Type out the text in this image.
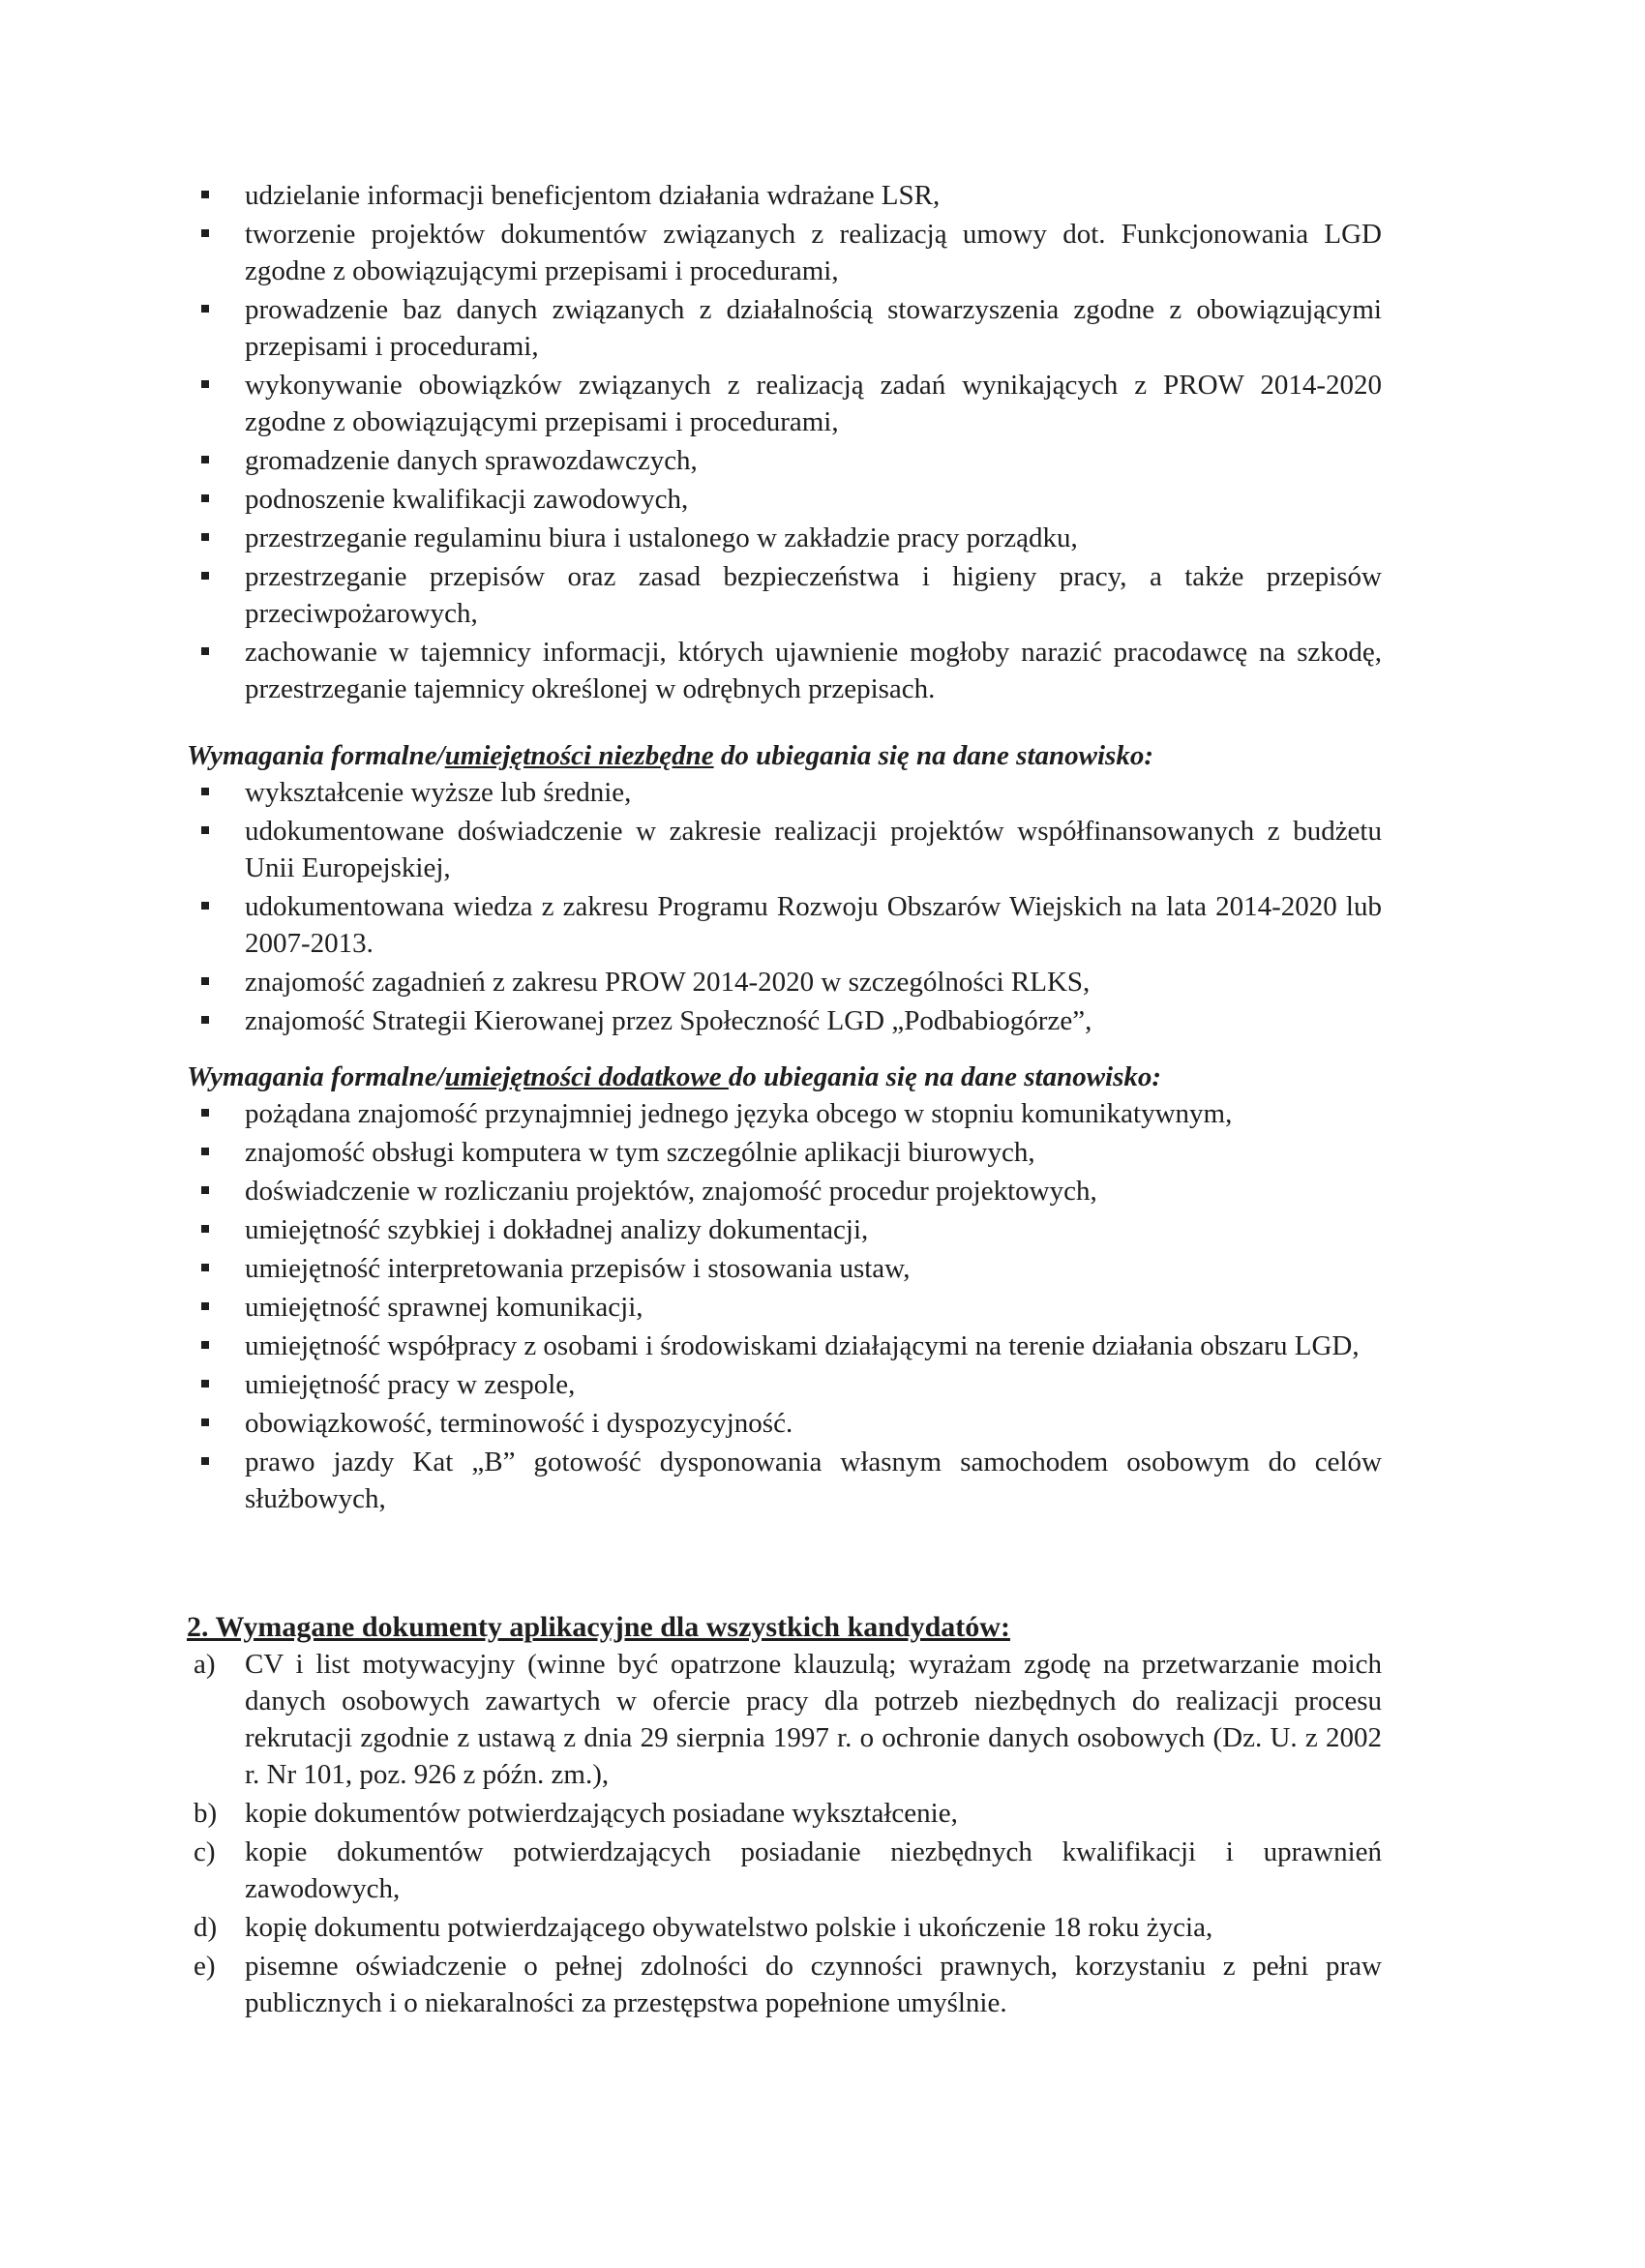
udzielanie informacji beneficjentom działania wdrażane LSR,
tworzenie projektów dokumentów związanych z realizacją umowy dot. Funkcjonowania LGD zgodne z obowiązującymi przepisami i procedurami,
prowadzenie baz danych związanych z działalnością stowarzyszenia zgodne z obowiązującymi przepisami i procedurami,
wykonywanie obowiązków związanych z realizacją zadań wynikających z PROW 2014-2020 zgodne z obowiązującymi przepisami i procedurami,
gromadzenie danych sprawozdawczych,
podnoszenie kwalifikacji zawodowych,
przestrzeganie regulaminu biura i ustalonego w zakładzie pracy porządku,
przestrzeganie przepisów oraz zasad bezpieczeństwa i higieny pracy, a także przepisów przeciwpożarowych,
zachowanie w tajemnicy informacji, których ujawnienie mogłoby narazić pracodawcę na szkodę, przestrzeganie tajemnicy określonej w odrębnych przepisach.
Wymagania formalne/umiejętności niezbędne do ubiegania się na dane stanowisko:
wykształcenie wyższe lub średnie,
udokumentowane doświadczenie w zakresie realizacji projektów współfinansowanych z budżetu Unii Europejskiej,
udokumentowana wiedza z zakresu Programu Rozwoju Obszarów Wiejskich na lata 2014-2020 lub 2007-2013.
znajomość zagadnień z zakresu PROW 2014-2020 w szczególności RLKS,
znajomość Strategii Kierowanej przez Społeczność LGD „Podbabiogórze”,
Wymagania formalne/umiejętności dodatkowe do ubiegania się na dane stanowisko:
pożądana znajomość przynajmniej jednego języka obcego w stopniu komunikatywnym,
znajomość obsługi komputera w tym szczególnie aplikacji biurowych,
doświadczenie w rozliczaniu projektów, znajomość procedur projektowych,
umiejętność szybkiej i dokładnej analizy dokumentacji,
umiejętność interpretowania przepisów i stosowania ustaw,
umiejętność sprawnej komunikacji,
umiejętność współpracy z osobami i środowiskami działającymi na terenie działania obszaru LGD,
umiejętność pracy w zespole,
obowiązkowość, terminowość i dyspozycyjność.
prawo jazdy Kat „B” gotowość dysponowania własnym samochodem osobowym do celów służbowych,
2. Wymagane dokumenty aplikacyjne dla wszystkich kandydatów:
a) CV i list motywacyjny (winne być opatrzone klauzulą; wyrażam zgodę na przetwarzanie moich danych osobowych zawartych w ofercie pracy dla potrzeb niezbędnych do realizacji procesu rekrutacji zgodnie z ustawą z dnia 29 sierpnia 1997 r. o ochronie danych osobowych (Dz. U. z 2002 r. Nr 101, poz. 926 z późn. zm.),
b) kopie dokumentów potwierdzających posiadane wykształcenie,
c) kopie dokumentów potwierdzających posiadanie niezbędnych kwalifikacji i uprawnień zawodowych,
d) kopię dokumentu potwierdzającego obywatelstwo polskie i ukończenie 18 roku życia,
e) pisemne oświadczenie o pełnej zdolności do czynności prawnych, korzystaniu z pełni praw publicznych i o niekaralności za przestępstwa popełnione umyślnie.
